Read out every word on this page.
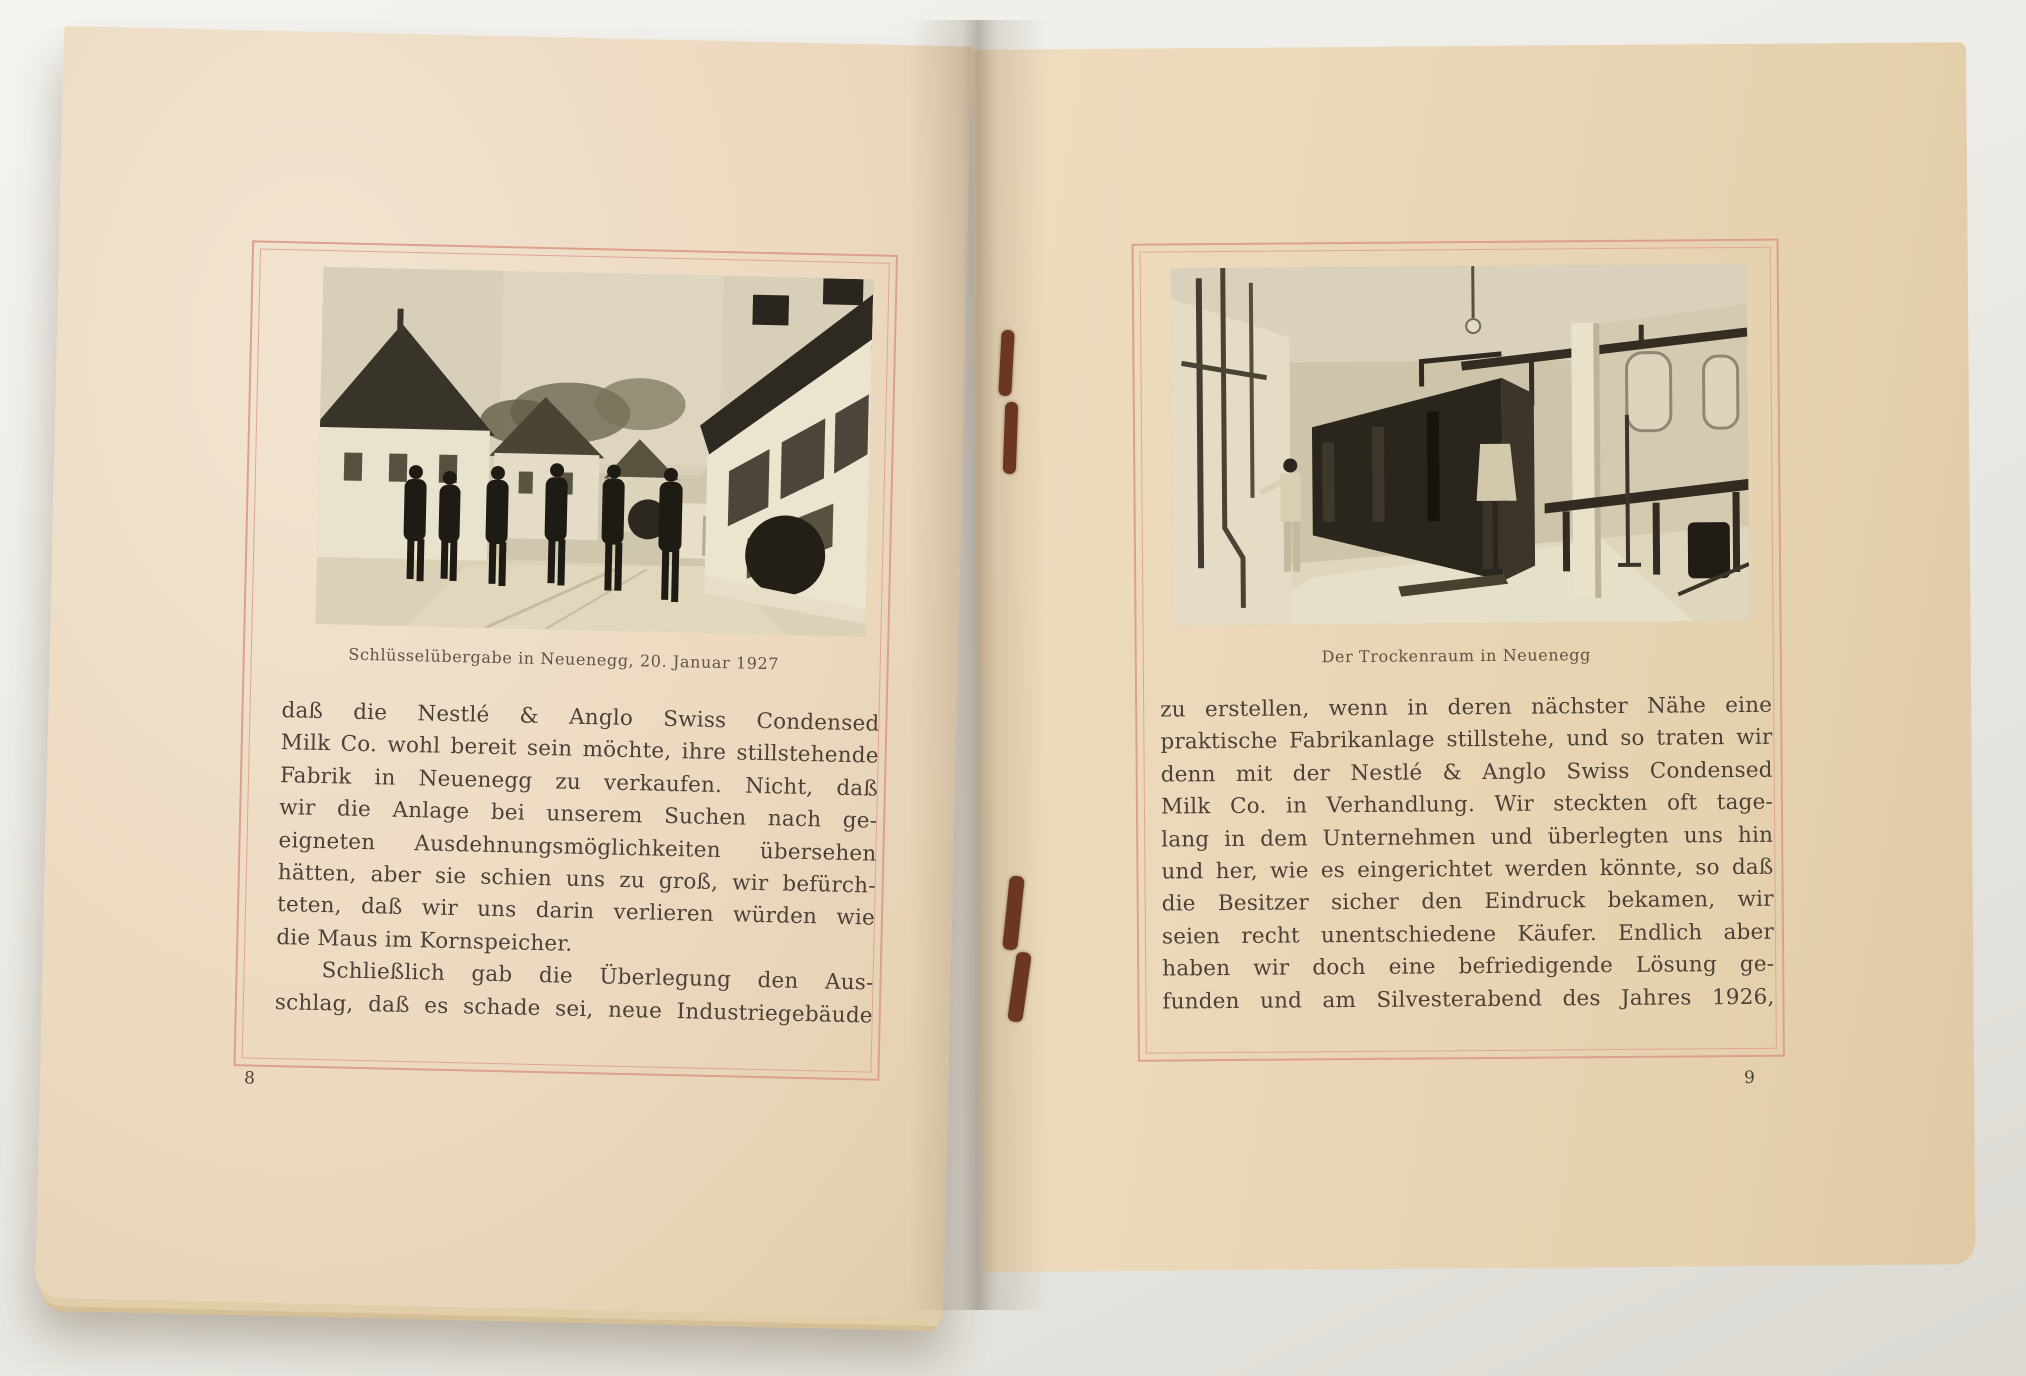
Schlüsselübergabe in Neuenegg, 20. Januar 1927
daß die Nestlé & Anglo Swiss Condensed
Milk Co. wohl bereit sein möchte, ihre stillstehende
Fabrik in Neuenegg zu verkaufen. Nicht, daß
wir die Anlage bei unserem Suchen nach ge-
eigneten Ausdehnungsmöglichkeiten übersehen
hätten, aber sie schien uns zu groß, wir befürch-
teten, daß wir uns darin verlieren würden wie
die Maus im Kornspeicher.
Schließlich gab die Überlegung den Aus-
schlag, daß es schade sei, neue Industriegebäude
8
Der Trockenraum in Neuenegg
zu erstellen, wenn in deren nächster Nähe eine
praktische Fabrikanlage stillstehe, und so traten wir
denn mit der Nestlé & Anglo Swiss Condensed
Milk Co. in Verhandlung. Wir steckten oft tage-
lang in dem Unternehmen und überlegten uns hin
und her, wie es eingerichtet werden könnte, so daß
die Besitzer sicher den Eindruck bekamen, wir
seien recht unentschiedene Käufer. Endlich aber
haben wir doch eine befriedigende Lösung ge-
funden und am Silvesterabend des Jahres 1926,
9
